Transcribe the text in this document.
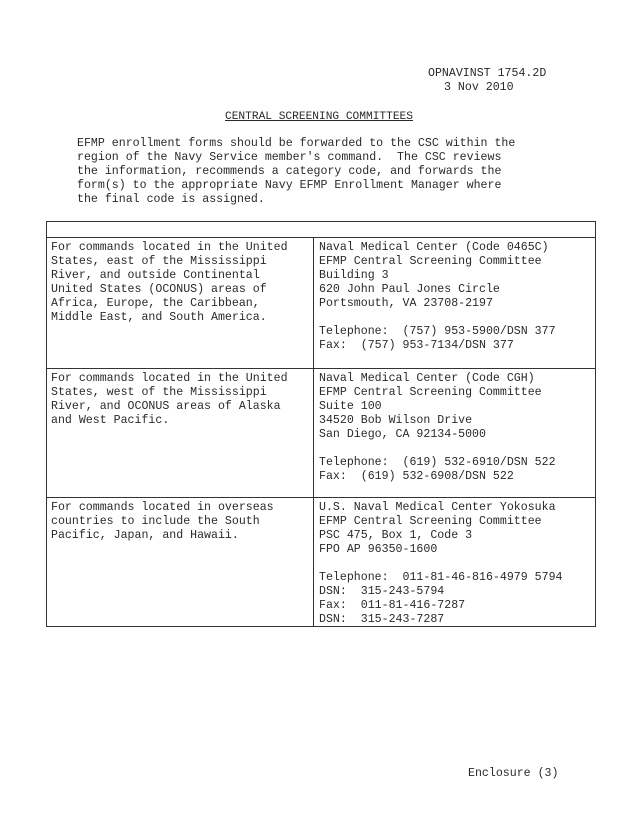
OPNAVINST 1754.2D
3 Nov 2010
CENTRAL SCREENING COMMITTEES
EFMP enrollment forms should be forwarded to the CSC within the
region of the Navy Service member's command.  The CSC reviews
the information, recommends a category code, and forwards the
form(s) to the appropriate Navy EFMP Enrollment Manager where
the final code is assigned.
For commands located in the United
States, east of the Mississippi
River, and outside Continental
United States (OCONUS) areas of
Africa, Europe, the Caribbean,
Middle East, and South America.
Naval Medical Center (Code 0465C)
EFMP Central Screening Committee
Building 3
620 John Paul Jones Circle
Portsmouth, VA 23708-2197
Telephone:  (757) 953-5900/DSN 377
Fax:  (757) 953-7134/DSN 377
For commands located in the United
States, west of the Mississippi
River, and OCONUS areas of Alaska
and West Pacific.
Naval Medical Center (Code CGH)
EFMP Central Screening Committee
Suite 100
34520 Bob Wilson Drive
San Diego, CA 92134-5000
Telephone:  (619) 532-6910/DSN 522
Fax:  (619) 532-6908/DSN 522
For commands located in overseas
countries to include the South
Pacific, Japan, and Hawaii.
U.S. Naval Medical Center Yokosuka
EFMP Central Screening Committee
PSC 475, Box 1, Code 3
FPO AP 96350-1600
Telephone:  011-81-46-816-4979 5794
DSN:  315-243-5794
Fax:  011-81-416-7287
DSN:  315-243-7287
Enclosure (3)
